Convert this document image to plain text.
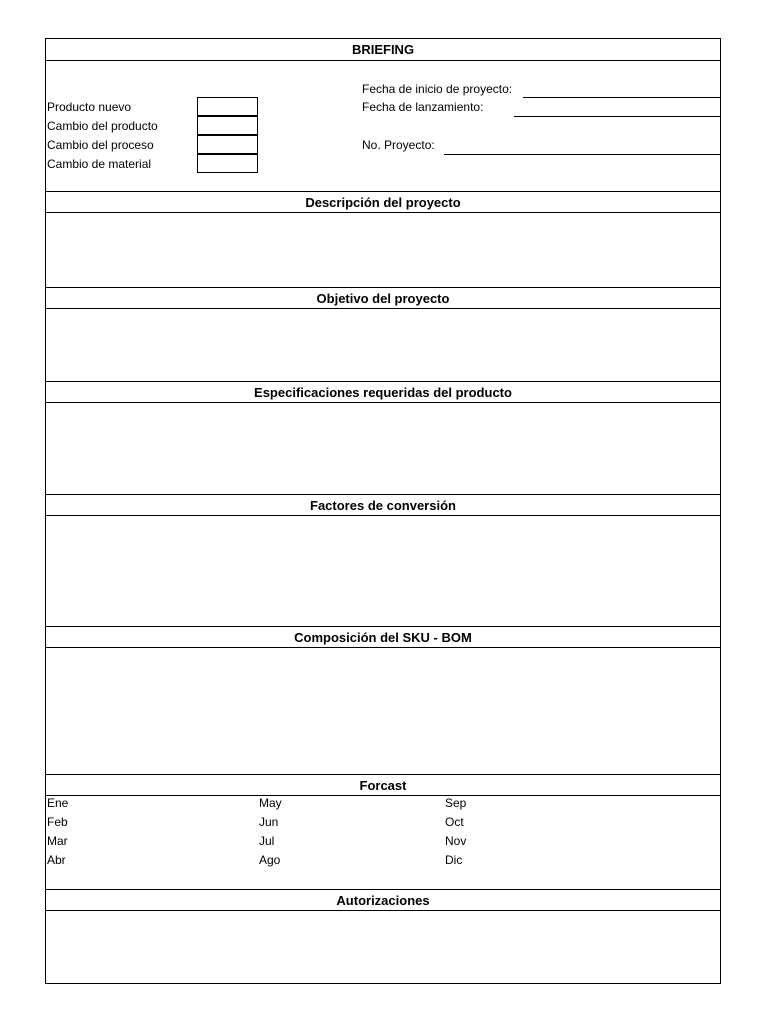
BRIEFING
Producto nuevo
Cambio del producto
Cambio del proceso
Cambio de material
Fecha de inicio de proyecto:
Fecha de lanzamiento:
No. Proyecto:
Descripción del proyecto
Objetivo del proyecto
Especificaciones requeridas del producto
Factores de conversión
Composición del SKU - BOM
Forcast
Ene
Feb
Mar
Abr
May
Jun
Jul
Ago
Sep
Oct
Nov
Dic
Autorizaciones
